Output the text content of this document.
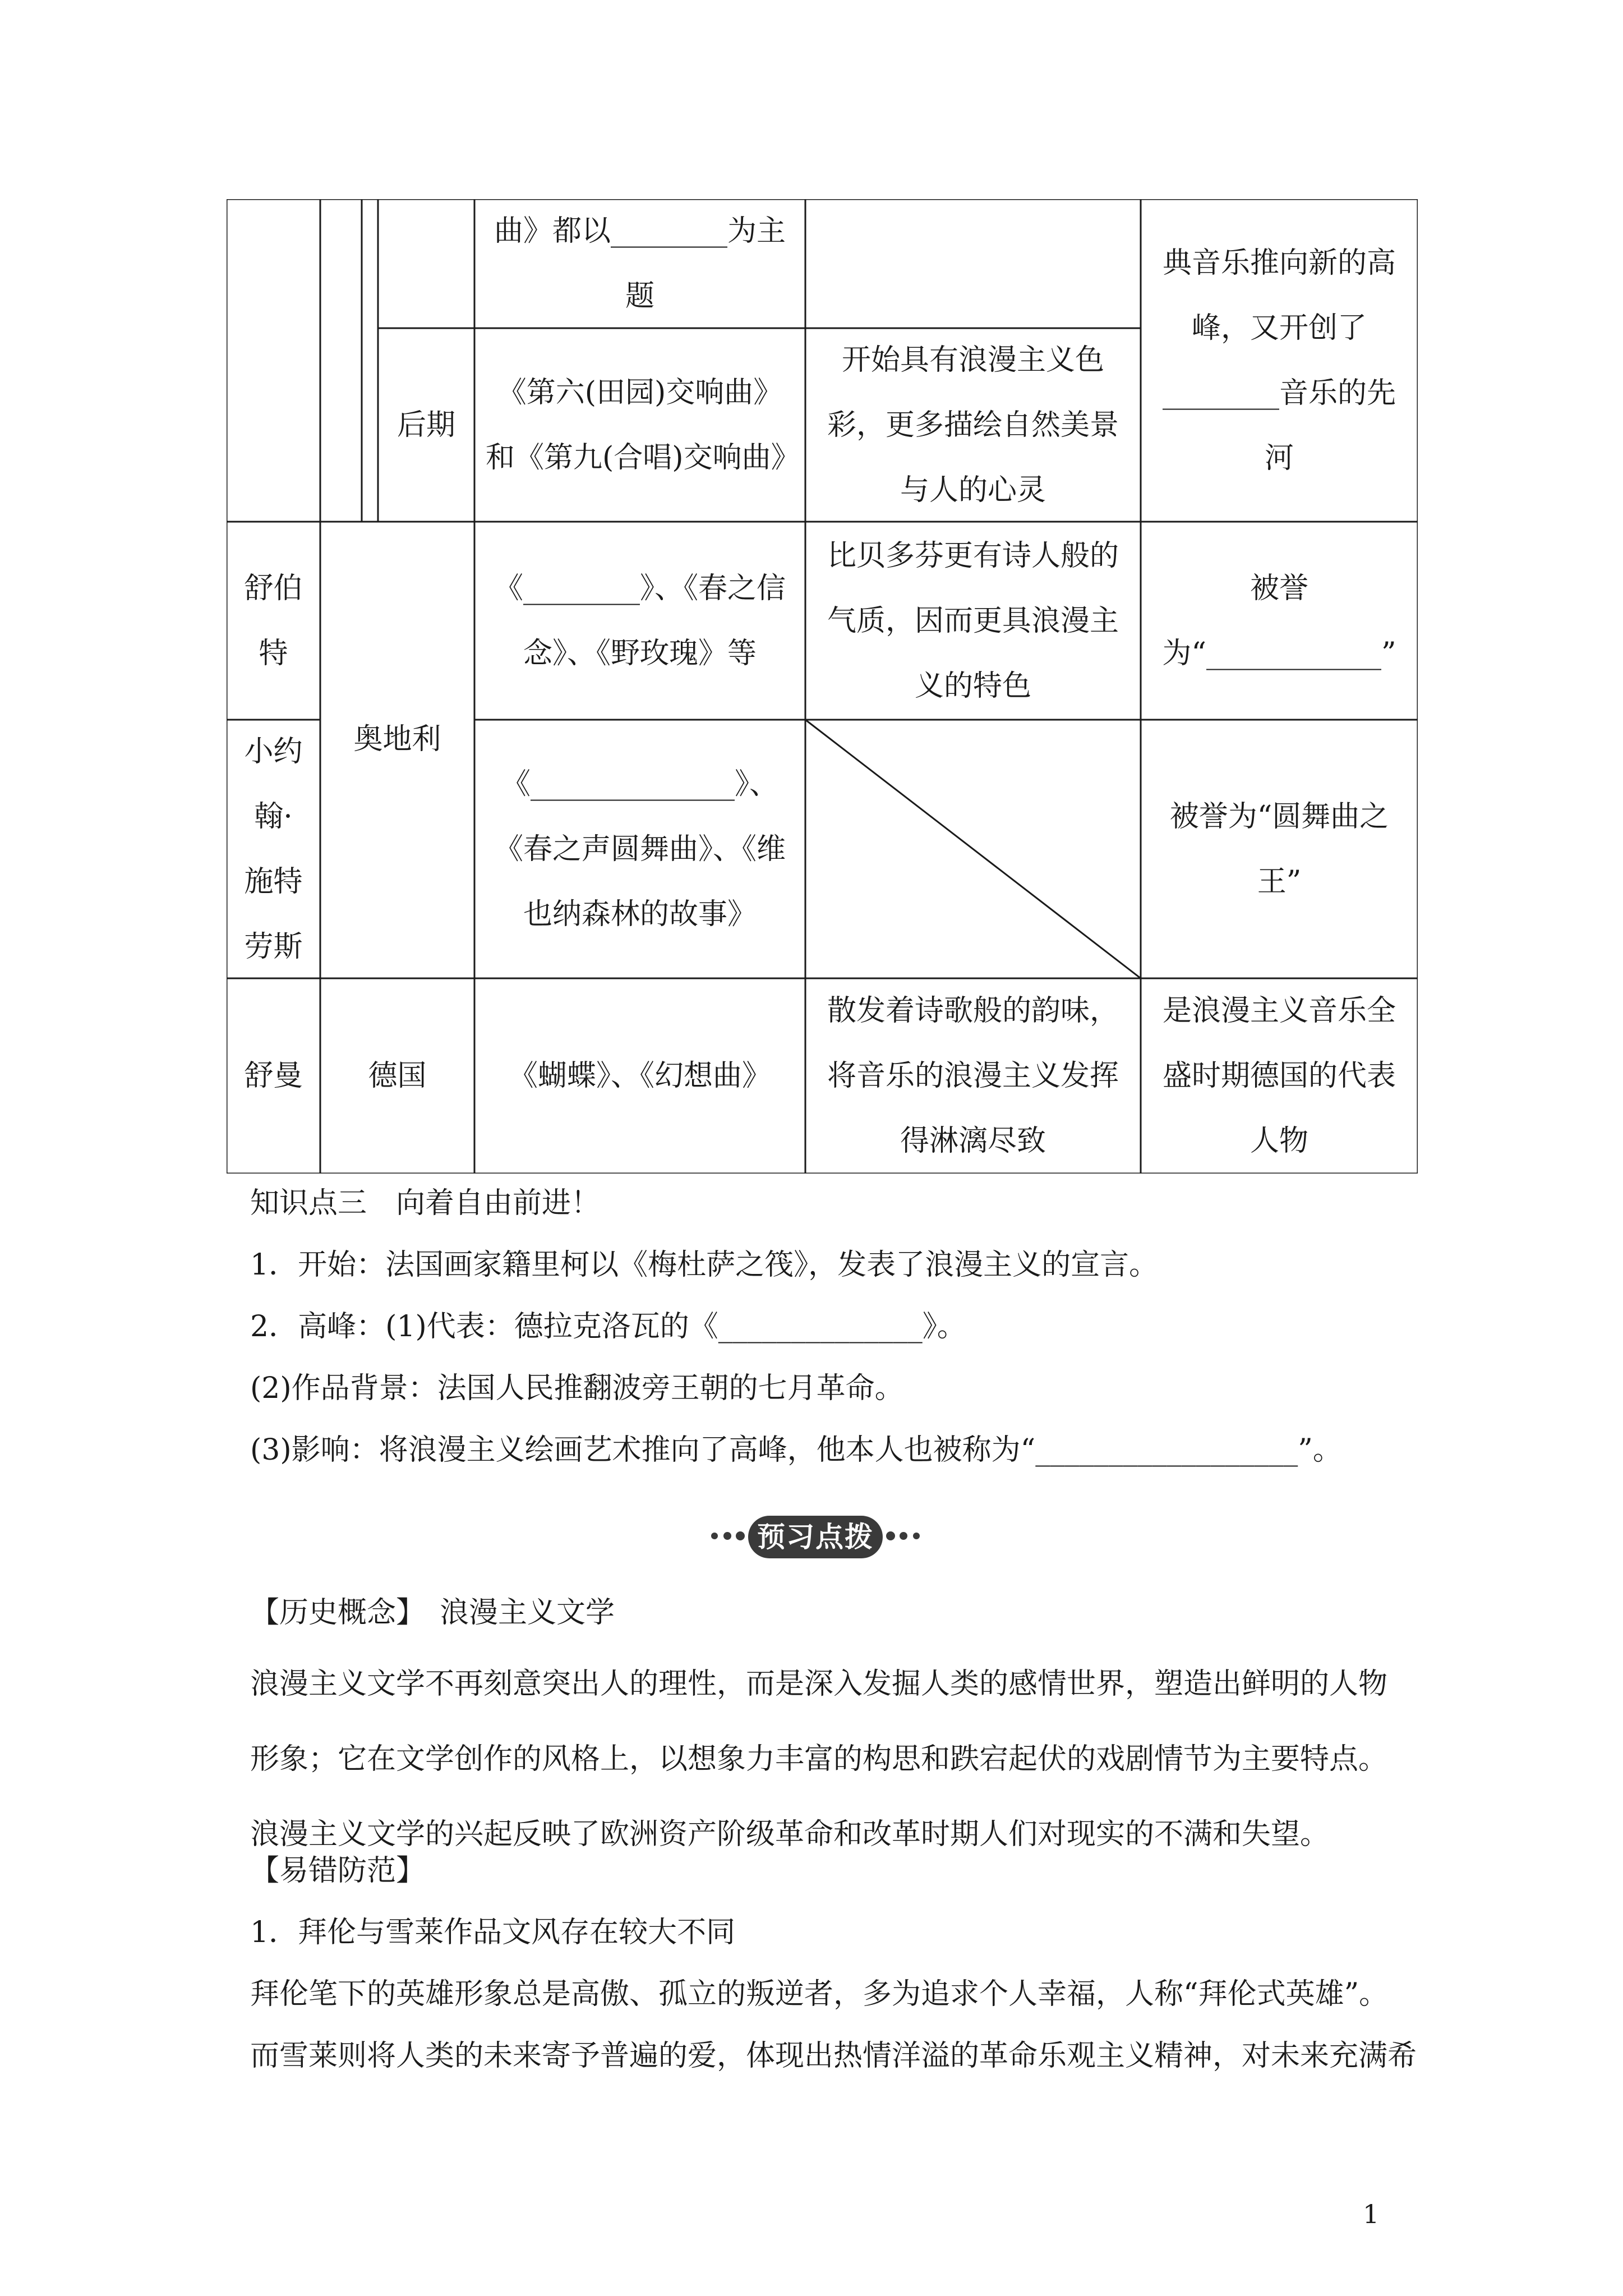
曲》都以________为主题
典音乐推向新的高峰，又开创了________音乐的先河
后期
《第六(田园)交响曲》和《第九(合唱)交响曲》
开始具有浪漫主义色彩，更多描绘自然美景与人的心灵
舒伯特
奥地利
《________》、《春之信念》、《野玫瑰》等
比贝多芬更有诗人般的气质，因而更具浪漫主义的特色
被誉为“____________”
小约翰·施特劳斯
《______________》、《春之声圆舞曲》、《维也纳森林的故事》
被誉为“圆舞曲之王”
舒曼 德国	《蝴蝶》、《幻想曲》
散发着诗歌般的韵味，将音乐的浪漫主义发挥得淋漓尽致
是浪漫主义音乐全盛时期德国的代表人物
知识点三　向着自由前进！
1．开始：法国画家籍里柯以《梅杜萨之筏》，发表了浪漫主义的宣言。
2．高峰：(1)代表：德拉克洛瓦的《______________》。
(2)作品背景：法国人民推翻波旁王朝的七月革命。
(3)影响：将浪漫主义绘画艺术推向了高峰，他本人也被称为“__________________”。
预习点拨
【历史概念】　浪漫主义文学
浪漫主义文学不再刻意突出人的理性，而是深入发掘人类的感情世界，塑造出鲜明的人物形象；它在文学创作的风格上，以想象力丰富的构思和跌宕起伏的戏剧情节为主要特点。浪漫主义文学的兴起反映了欧洲资产阶级革命和改革时期人们对现实的不满和失望。
【易错防范】
1．拜伦与雪莱作品文风存在较大不同
拜伦笔下的英雄形象总是高傲、孤立的叛逆者，多为追求个人幸福，人称“拜伦式英雄”。
而雪莱则将人类的未来寄予普遍的爱，体现出热情洋溢的革命乐观主义精神，对未来充满希
1
